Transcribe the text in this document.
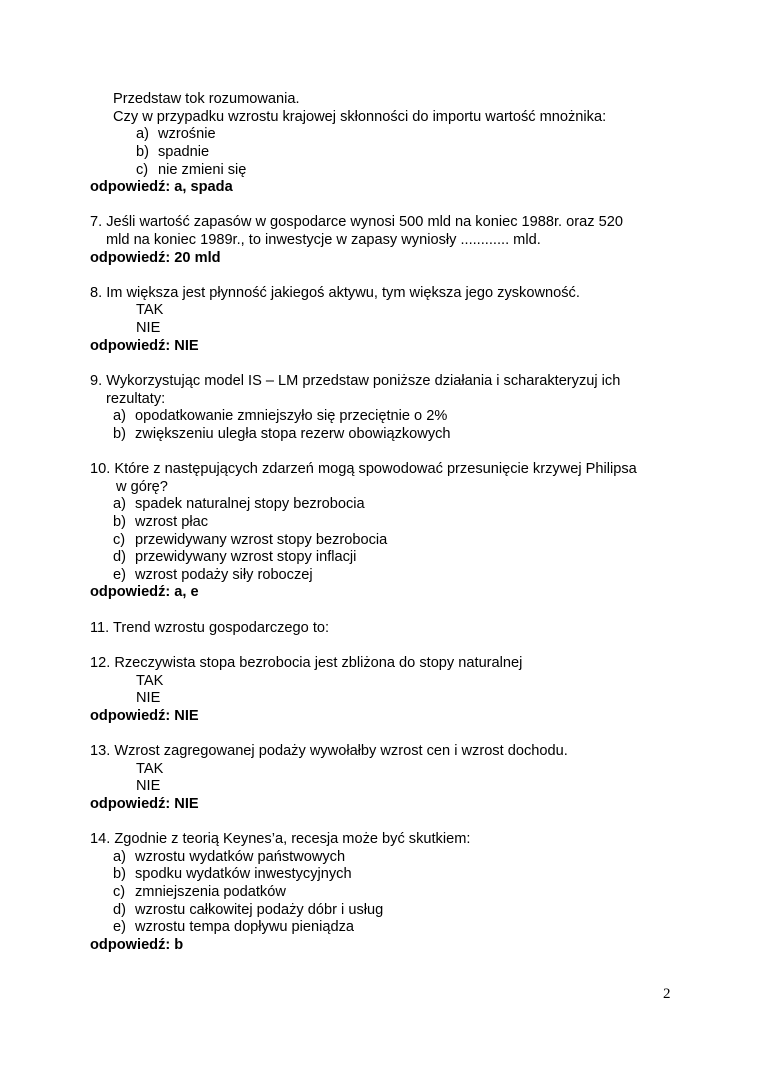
Przedstaw tok rozumowania.
Czy w przypadku wzrostu krajowej skłonności do importu wartość mnożnika:
a) wzrośnie
b) spadnie
c) nie zmieni się
odpowiedź: a, spada
7. Jeśli wartość zapasów w gospodarce wynosi 500 mld na koniec 1988r. oraz 520
mld na koniec 1989r., to inwestycje w zapasy wyniosły ............ mld.
odpowiedź: 20 mld
8. Im większa jest płynność jakiegoś aktywu, tym większa jego zyskowność.
TAK
NIE
odpowiedź: NIE
9. Wykorzystując model IS – LM przedstaw poniższe działania i scharakteryzuj ich
rezultaty:
a) opodatkowanie zmniejszyło się przeciętnie o 2%
b) zwiększeniu uległa stopa rezerw obowiązkowych
10. Które z następujących zdarzeń mogą spowodować przesunięcie krzywej Philipsa
w górę?
a) spadek naturalnej stopy bezrobocia
b) wzrost płac
c) przewidywany wzrost stopy bezrobocia
d) przewidywany wzrost stopy inflacji
e) wzrost podaży siły roboczej
odpowiedź: a, e
11. Trend wzrostu gospodarczego to:
12. Rzeczywista stopa bezrobocia jest zbliżona do stopy naturalnej
TAK
NIE
odpowiedź: NIE
13. Wzrost zagregowanej podaży wywołałby wzrost cen i wzrost dochodu.
TAK
NIE
odpowiedź: NIE
14. Zgodnie z teorią Keynes’a, recesja może być skutkiem:
a) wzrostu wydatków państwowych
b) spodku wydatków inwestycyjnych
c) zmniejszenia podatków
d) wzrostu całkowitej podaży dóbr i usług
e) wzrostu tempa dopływu pieniądza
odpowiedź: b
2
